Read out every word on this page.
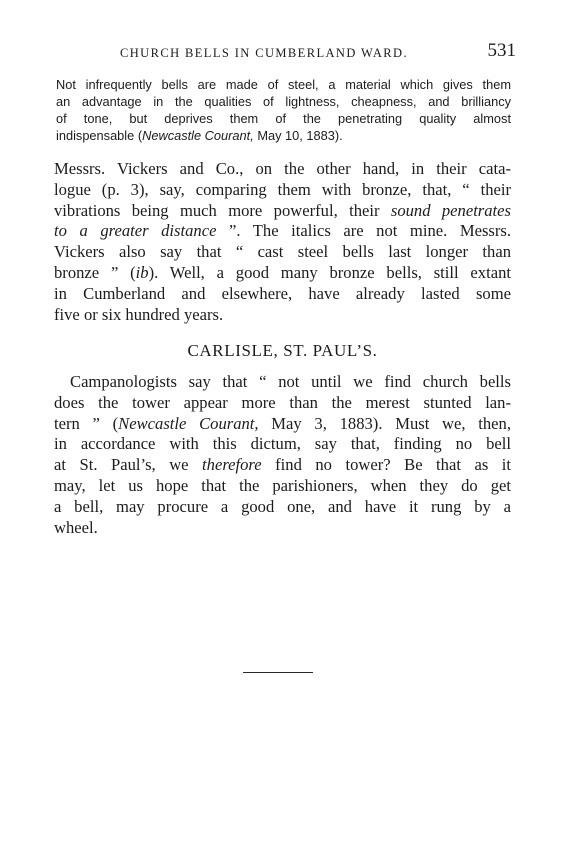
CHURCH BELLS IN CUMBERLAND WARD.	531
Not infrequently bells are made of steel, a material which gives them
an advantage in the qualities of lightness, cheapness, and brilliancy
of tone, but deprives them of the penetrating quality almost
indispensable (Newcastle Courant, May 10, 1883).
Messrs. Vickers and Co., on the other hand, in their cata-
logue (p. 3), say, comparing them with bronze, that, “ their
vibrations being much more powerful, their sound penetrates
to a greater distance ”. The italics are not mine. Messrs.
Vickers also say that “ cast steel bells last longer than
bronze ” (ib). Well, a good many bronze bells, still extant
in Cumberland and elsewhere, have already lasted some
five or six hundred years.
CARLISLE, ST. PAUL’S.
Campanologists say that “ not until we find church bells
does the tower appear more than the merest stunted lan-
tern ” (Newcastle Courant, May 3, 1883). Must we, then,
in accordance with this dictum, say that, finding no bell
at St. Paul’s, we therefore find no tower? Be that as it
may, let us hope that the parishioners, when they do get
a bell, may procure a good one, and have it rung by a
wheel.
